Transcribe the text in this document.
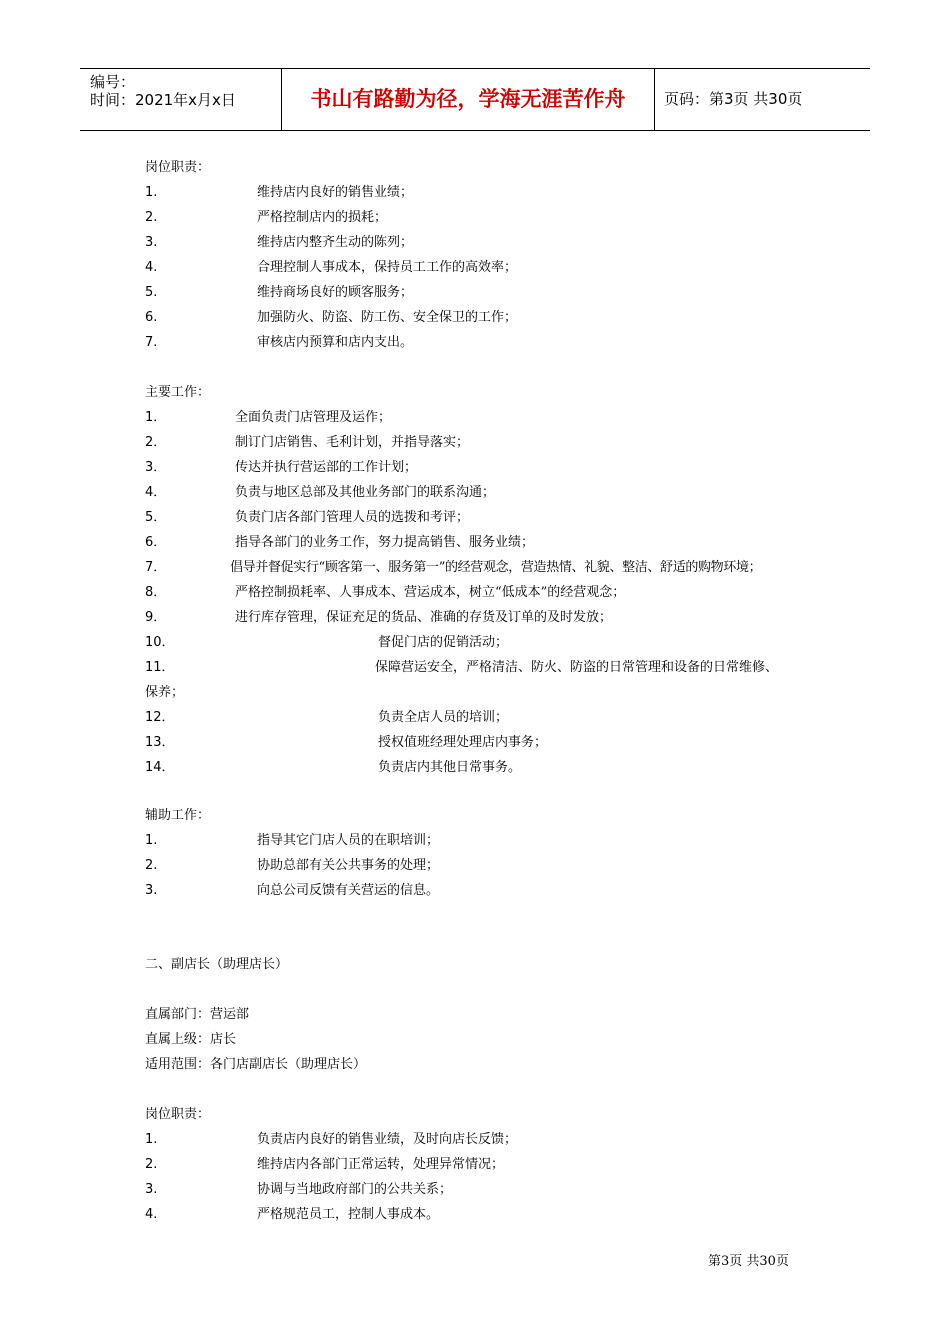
编号：
时间：2021年x月x日	书山有路勤为径，学海无涯苦作舟	页码：第3页 共30页
岗位职责：
1.	维持店内良好的销售业绩；
2.	严格控制店内的损耗；
3.	维持店内整齐生动的陈列；
4.	合理控制人事成本，保持员工工作的高效率；
5.	维持商场良好的顾客服务；
6.	加强防火、防盗、防工伤、安全保卫的工作；
7.	审核店内预算和店内支出。
主要工作：
1．	全面负责门店管理及运作；
2．	制订门店销售、毛利计划，并指导落实；
3．	传达并执行营运部的工作计划；
4．	负责与地区总部及其他业务部门的联系沟通；
5．	负责门店各部门管理人员的选拨和考评；
6．	指导各部门的业务工作，努力提高销售、服务业绩；
7．	倡导并督促实行“顾客第一、服务第一”的经营观念，营造热情、礼貌、整洁、舒适的购物环境；
8．	严格控制损耗率、人事成本、营运成本，树立“低成本”的经营观念；
9．	进行库存管理，保证充足的货品、准确的存货及订单的及时发放；
10．	督促门店的促销活动；
11．	保障营运安全，严格清洁、防火、防盗的日常管理和设备的日常维修、
保养；
12．	负责全店人员的培训；
13．	授权值班经理处理店内事务；
14．	负责店内其他日常事务。
辅助工作：
1.	指导其它门店人员的在职培训；
2.	协助总部有关公共事务的处理；
3.	向总公司反馈有关营运的信息。
二、副店长（助理店长）
直属部门：营运部
直属上级：店长
适用范围：各门店副店长（助理店长）
岗位职责：
1.	负责店内良好的销售业绩，及时向店长反馈；
2.	维持店内各部门正常运转，处理异常情况；
3.	协调与当地政府部门的公共关系；
4.	严格规范员工，控制人事成本。
第3页 共30页
